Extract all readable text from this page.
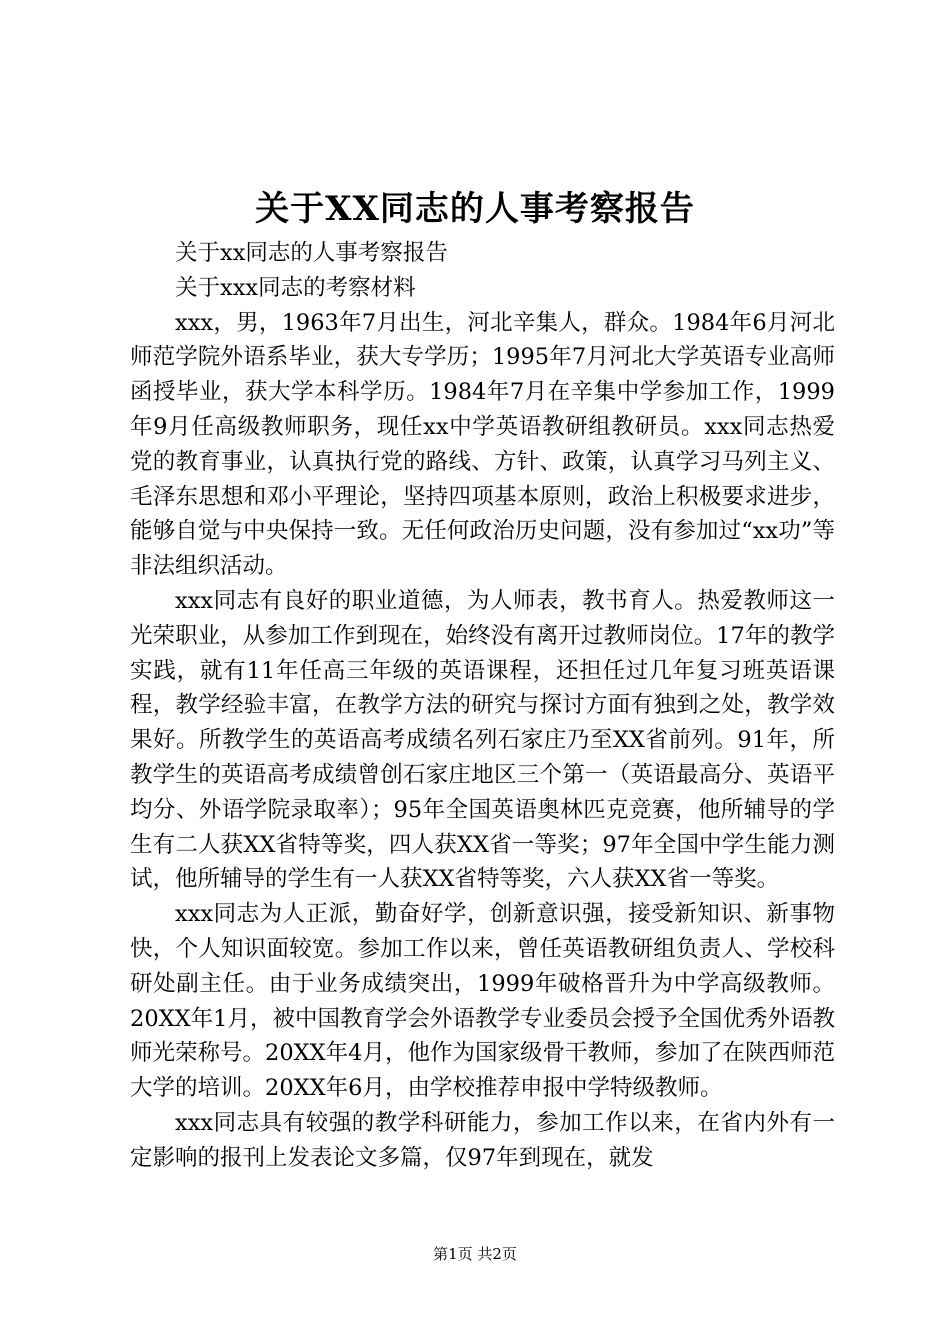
关于XX同志的人事考察报告

关于xx同志的人事考察报告

关于xxx同志的考察材料

xxx，男，1963年7月出生，河北辛集人，群众。1984年6月河北师范学院外语系毕业，获大专学历；1995年7月河北大学英语专业高师函授毕业，获大学本科学历。1984年7月在辛集中学参加工作，1999年9月任高级教师职务，现任xx中学英语教研组教研员。xxx同志热爱党的教育事业，认真执行党的路线、方针、政策，认真学习马列主义、毛泽东思想和邓小平理论，坚持四项基本原则，政治上积极要求进步，能够自觉与中央保持一致。无任何政治历史问题，没有参加过“xx功”等非法组织活动。

xxx同志有良好的职业道德，为人师表，教书育人。热爱教师这一光荣职业，从参加工作到现在，始终没有离开过教师岗位。17年的教学实践，就有11年任高三年级的英语课程，还担任过几年复习班英语课程，教学经验丰富，在教学方法的研究与探讨方面有独到之处，教学效果好。所教学生的英语高考成绩名列石家庄乃至XX省前列。91年，所教学生的英语高考成绩曾创石家庄地区三个第一（英语最高分、英语平均分、外语学院录取率）；95年全国英语奥林匹克竞赛，他所辅导的学生有二人获XX省特等奖，四人获XX省一等奖；97年全国中学生能力测试，他所辅导的学生有一人获XX省特等奖，六人获XX省一等奖。

xxx同志为人正派，勤奋好学，创新意识强，接受新知识、新事物快，个人知识面较宽。参加工作以来，曾任英语教研组负责人、学校科研处副主任。由于业务成绩突出，1999年破格晋升为中学高级教师。20XX年1月，被中国教育学会外语教学专业委员会授予全国优秀外语教师光荣称号。20XX年4月，他作为国家级骨干教师，参加了在陕西师范大学的培训。20XX年6月，由学校推荐申报中学特级教师。

xxx同志具有较强的教学科研能力，参加工作以来，在省内外有一定影响的报刊上发表论文多篇，仅97年到现在，就发

第1页 共2页
